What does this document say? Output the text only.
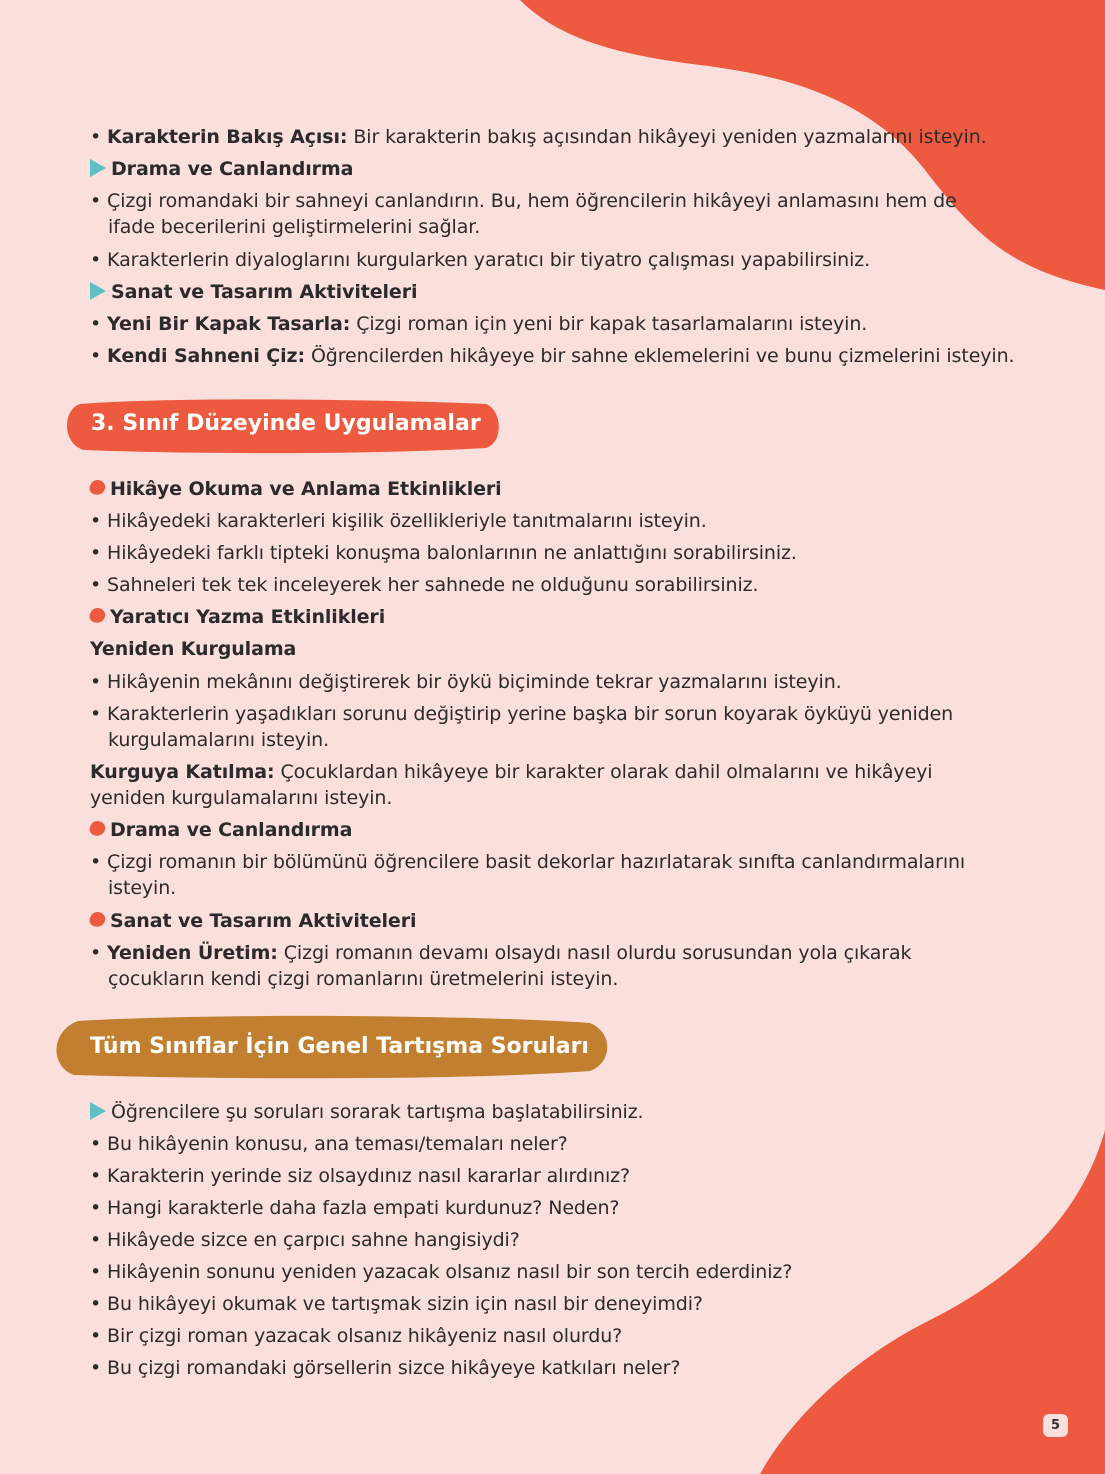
• Karakterin Bakış Açısı: Bir karakterin bakış açısından hikâyeyi yeniden yazmalarını isteyin.
Drama ve Canlandırma
• Çizgi romandaki bir sahneyi canlandırın. Bu, hem öğrencilerin hikâyeyi anlamasını hem de
ifade becerilerini geliştirmelerini sağlar.
• Karakterlerin diyaloglarını kurgularken yaratıcı bir tiyatro çalışması yapabilirsiniz.
Sanat ve Tasarım Aktiviteleri
• Yeni Bir Kapak Tasarla: Çizgi roman için yeni bir kapak tasarlamalarını isteyin.
• Kendi Sahneni Çiz: Öğrencilerden hikâyeye bir sahne eklemelerini ve bunu çizmelerini isteyin.
3. Sınıf Düzeyinde Uygulamalar
Hikâye Okuma ve Anlama Etkinlikleri
• Hikâyedeki karakterleri kişilik özellikleriyle tanıtmalarını isteyin.
• Hikâyedeki farklı tipteki konuşma balonlarının ne anlattığını sorabilirsiniz.
• Sahneleri tek tek inceleyerek her sahnede ne olduğunu sorabilirsiniz.
Yaratıcı Yazma Etkinlikleri
Yeniden Kurgulama
• Hikâyenin mekânını değiştirerek bir öykü biçiminde tekrar yazmalarını isteyin.
• Karakterlerin yaşadıkları sorunu değiştirip yerine başka bir sorun koyarak öyküyü yeniden
kurgulamalarını isteyin.
Kurguya Katılma: Çocuklardan hikâyeye bir karakter olarak dahil olmalarını ve hikâyeyi
yeniden kurgulamalarını isteyin.
Drama ve Canlandırma
• Çizgi romanın bir bölümünü öğrencilere basit dekorlar hazırlatarak sınıfta canlandırmalarını
isteyin.
Sanat ve Tasarım Aktiviteleri
• Yeniden Üretim: Çizgi romanın devamı olsaydı nasıl olurdu sorusundan yola çıkarak
çocukların kendi çizgi romanlarını üretmelerini isteyin.
Tüm Sınıflar İçin Genel Tartışma Soruları
Öğrencilere şu soruları sorarak tartışma başlatabilirsiniz.
• Bu hikâyenin konusu, ana teması/temaları neler?
• Karakterin yerinde siz olsaydınız nasıl kararlar alırdınız?
• Hangi karakterle daha fazla empati kurdunuz? Neden?
• Hikâyede sizce en çarpıcı sahne hangisiydi?
• Hikâyenin sonunu yeniden yazacak olsanız nasıl bir son tercih ederdiniz?
• Bu hikâyeyi okumak ve tartışmak sizin için nasıl bir deneyimdi?
• Bir çizgi roman yazacak olsanız hikâyeniz nasıl olurdu?
• Bu çizgi romandaki görsellerin sizce hikâyeye katkıları neler?
5
